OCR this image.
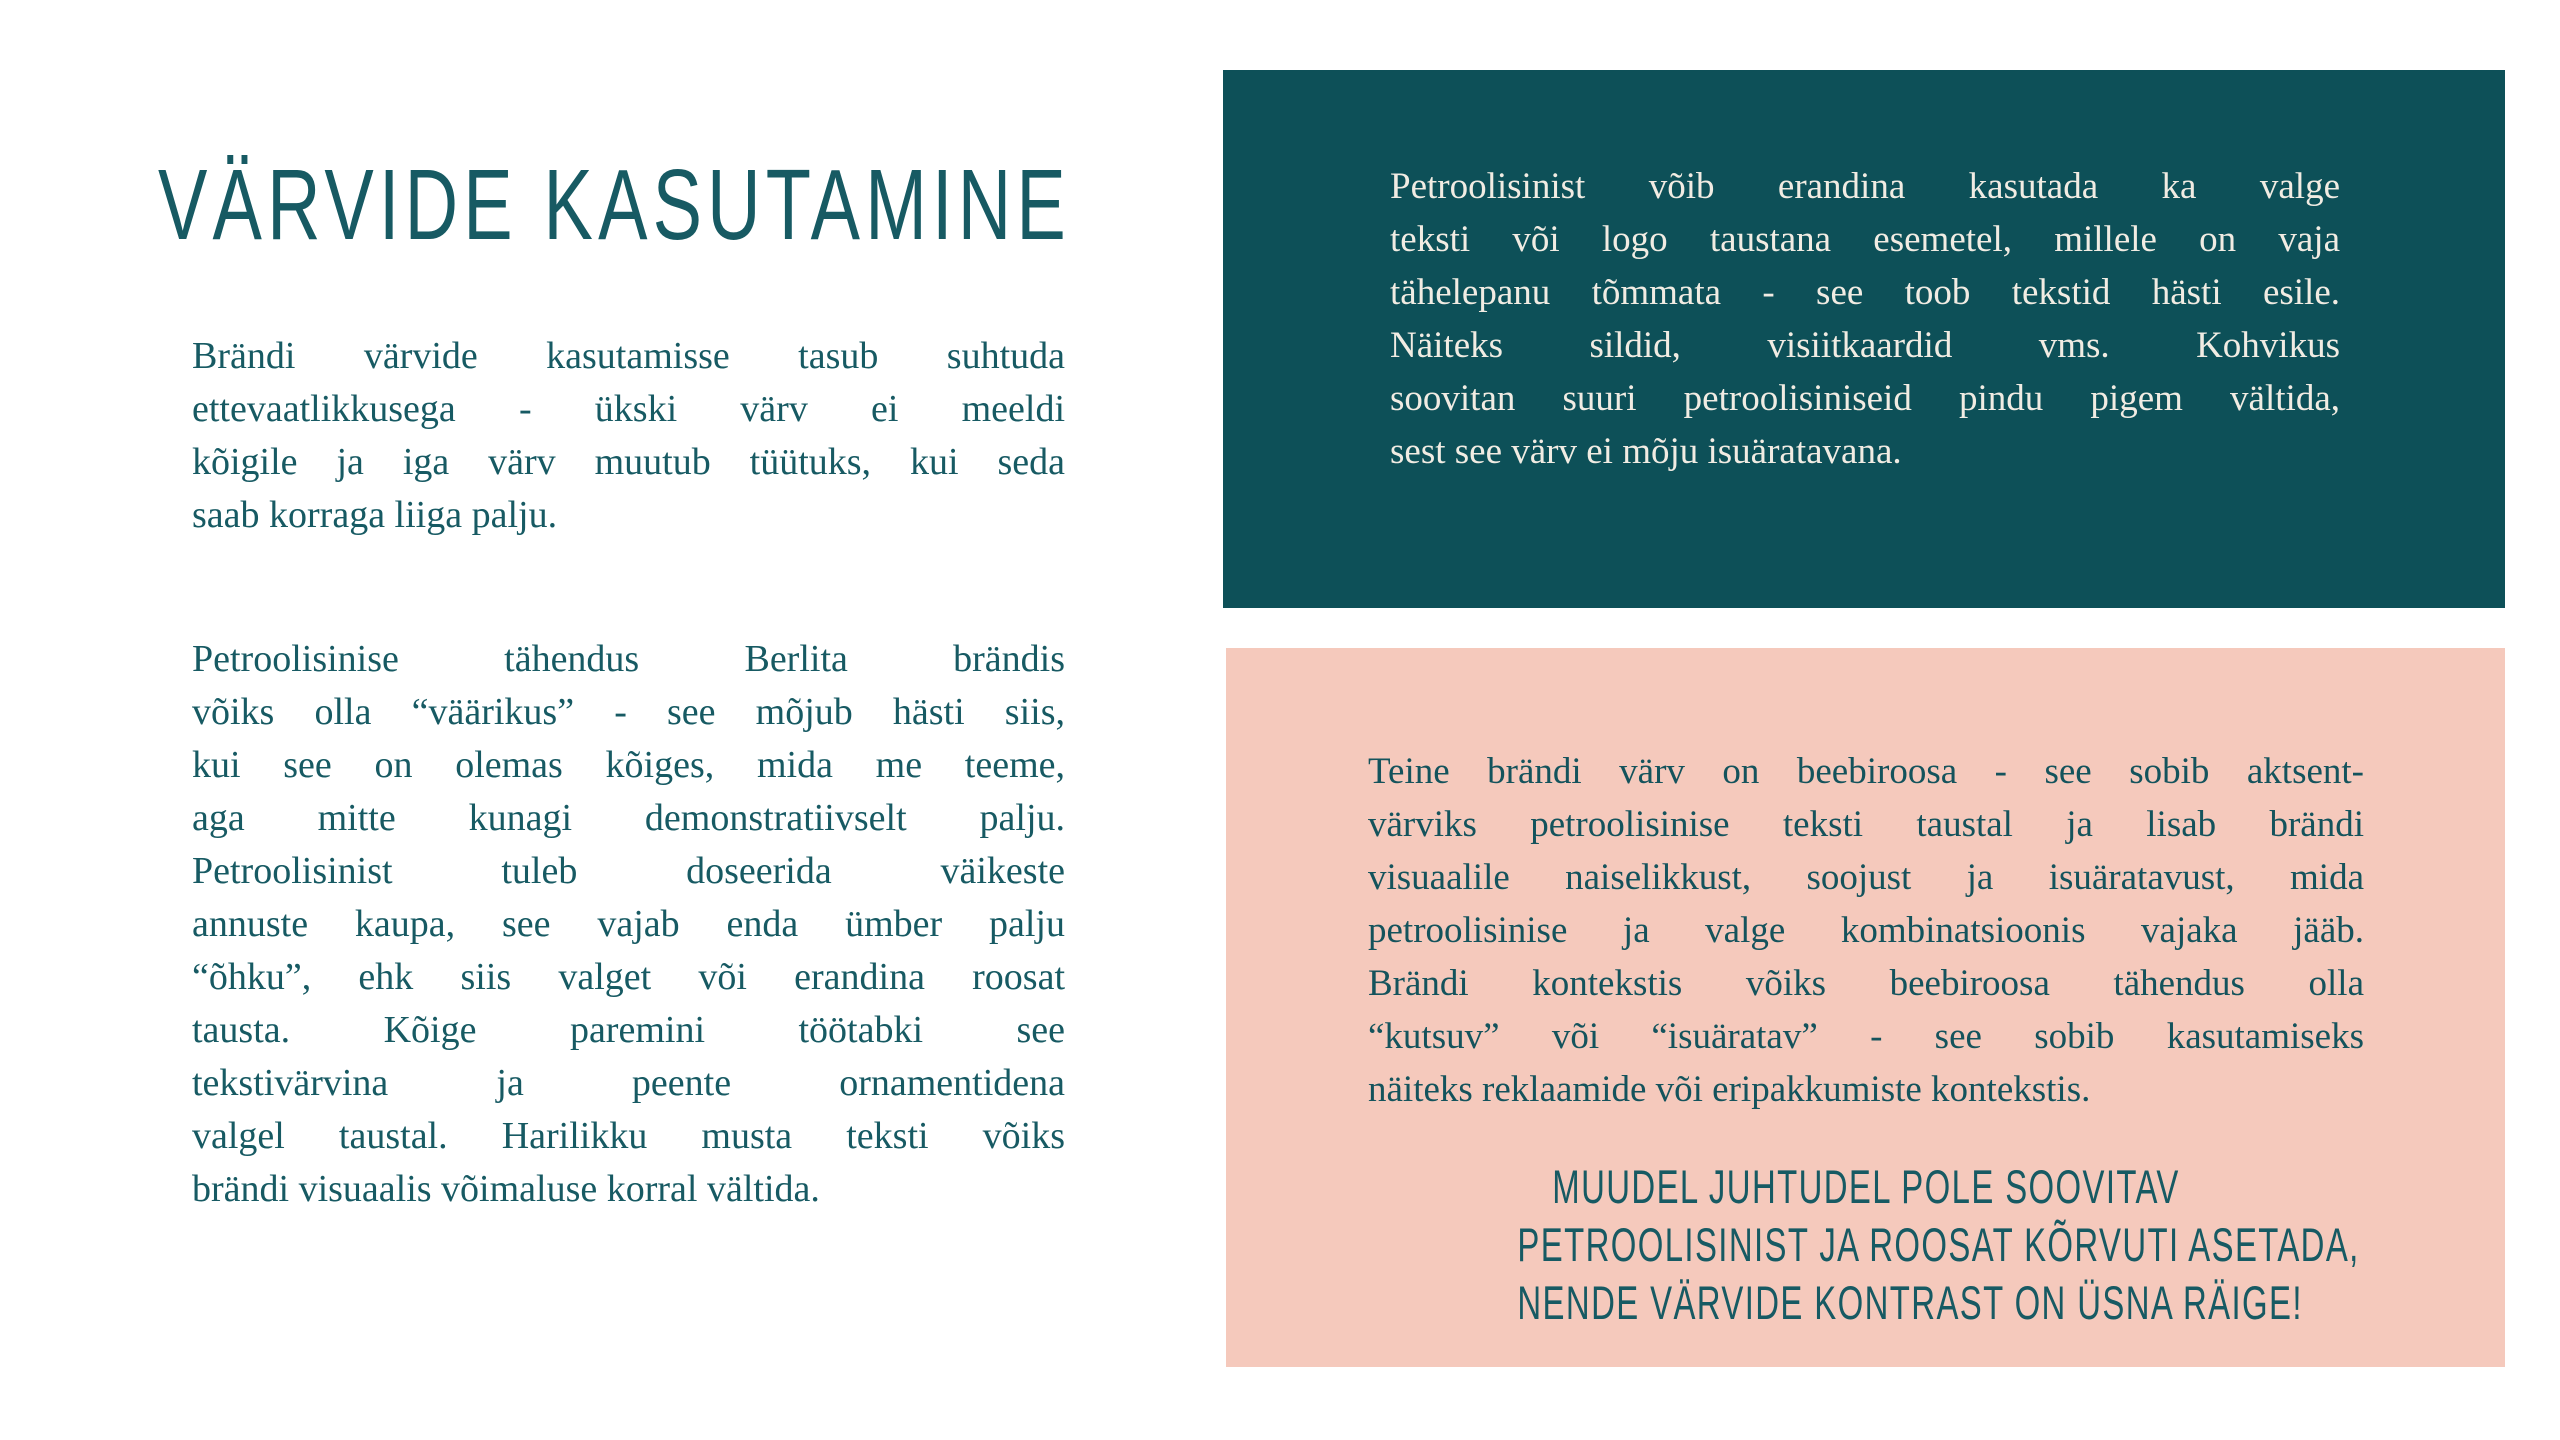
VÄRVIDE KASUTAMINE
Brändi värvide kasutamisse tasub suhtuda
ettevaatlikkusega - ükski värv ei meeldi
kõigile ja iga värv muutub tüütuks, kui seda
saab korraga liiga palju.
Petroolisinise tähendus Berlita brändis
võiks olla “väärikus” - see mõjub hästi siis,
kui see on olemas kõiges, mida me teeme,
aga mitte kunagi demonstratiivselt palju.
Petroolisinist tuleb doseerida väikeste
annuste kaupa, see vajab enda ümber palju
“õhku”, ehk siis valget või erandina roosat
tausta. Kõige paremini töötabki see
tekstivärvina ja peente ornamentidena
valgel taustal. Harilikku musta teksti võiks
brändi visuaalis võimaluse korral vältida.
Petroolisinist võib erandina kasutada ka valge
teksti või logo taustana esemetel, millele on vaja
tähelepanu tõmmata - see toob tekstid hästi esile.
Näiteks sildid, visiitkaardid vms. Kohvikus
soovitan suuri petroolisiniseid pindu pigem vältida,
sest see värv ei mõju isuäratavana.
Teine brändi värv on beebiroosa - see sobib aktsent-
värviks petroolisinise teksti taustal ja lisab brändi
visuaalile naiselikkust, soojust ja isuäratavust, mida
petroolisinise ja valge kombinatsioonis vajaka jääb.
Brändi kontekstis võiks beebiroosa tähendus olla
“kutsuv” või “isuäratav” - see sobib kasutamiseks
näiteks reklaamide või eripakkumiste kontekstis.
MUUDEL JUHTUDEL POLE SOOVITAV
PETROOLISINIST JA ROOSAT KÕRVUTI ASETADA,
NENDE VÄRVIDE KONTRAST ON ÜSNA RÄIGE!
